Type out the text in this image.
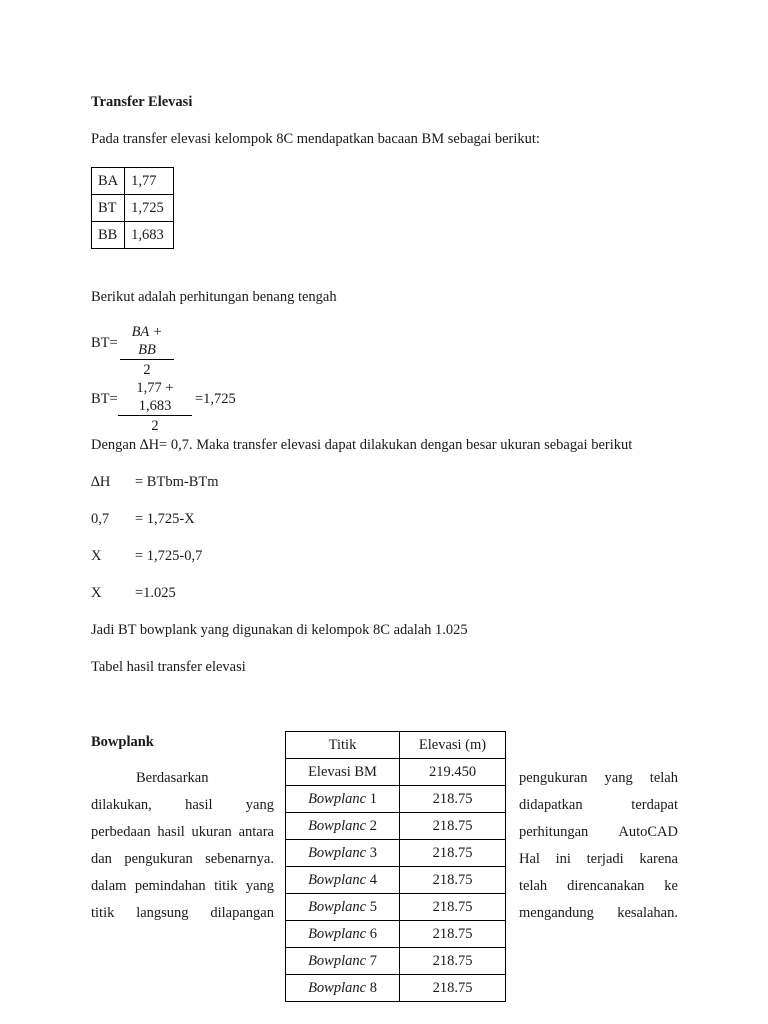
Transfer Elevasi
Pada transfer elevasi kelompok 8C mendapatkan bacaan BM sebagai berikut:
BA	1,77
BT	1,725
BB	1,683
Berikut adalah perhitungan benang tengah
$BT= \frac{BA + BB}{2}$
$BT= \frac{1,77 + 1,683}{2} =1,725$
Dengan ∆H= 0,7. Maka transfer elevasi dapat dilakukan dengan besar ukuran sebagai berikut
∆H = BTbm-BTm
0,7 = 1,725-X
X = 1,725-0,7
X =1.025
Jadi BT bowplank yang digunakan di kelompok 8C adalah 1.025
Tabel hasil transfer elevasi
Bowplank
Berdasarkan
dilakukan, hasil yang
perbedaan hasil ukuran antara
dan pengukuran sebenarnya.
dalam pemindahan titik yang
titik langsung dilapangan
pengukuran yang telah
didapatkan	terdapat
perhitungan AutoCAD
Hal ini terjadi karena
telah direncanakan ke
mengandung kesalahan.
Titik	Elevasi (m)
Elevasi BM	219.450
Bowplanc 1	218.75
Bowplanc 2	218.75
Bowplanc 3	218.75
Bowplanc 4	218.75
Bowplanc 5	218.75
Bowplanc 6	218.75
Bowplanc 7	218.75
Bowplanc 8	218.75
